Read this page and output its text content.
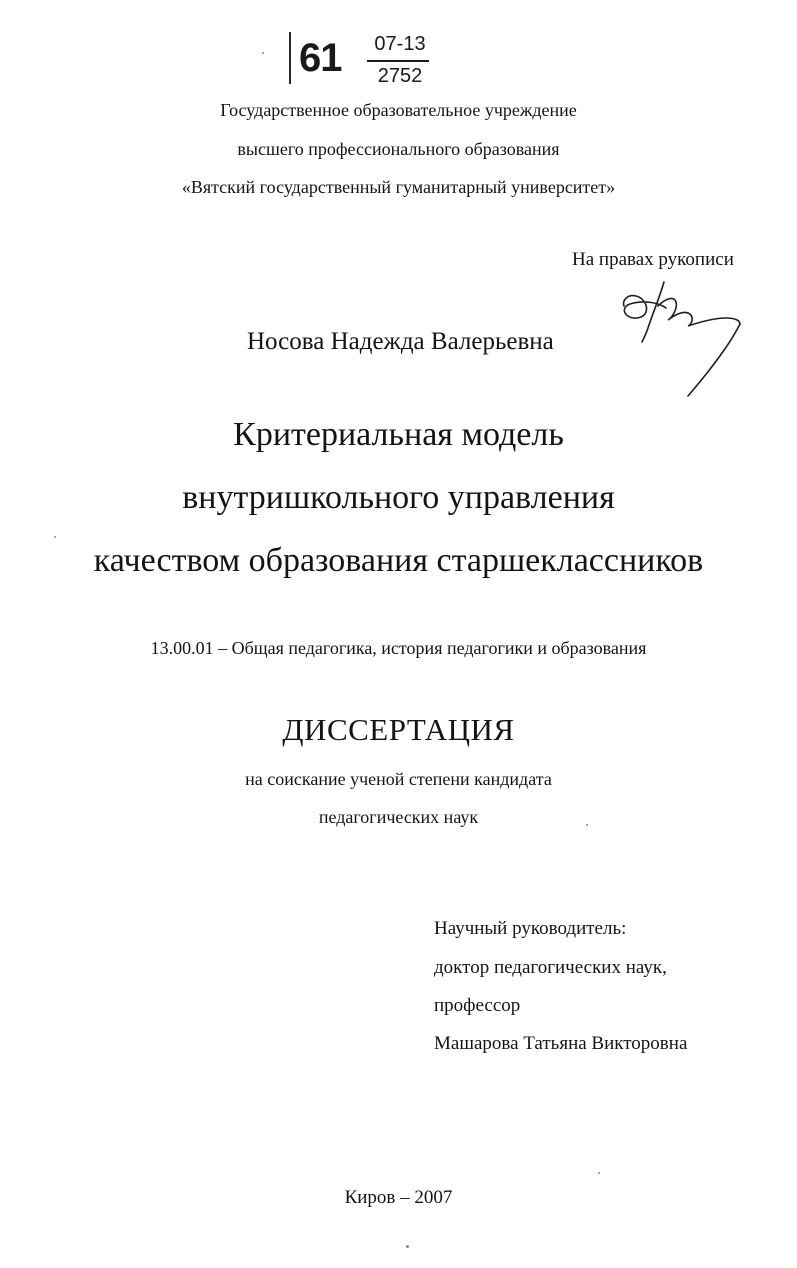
61 07-13
2752
Государственное образовательное учреждение
высшего профессионального образования
«Вятский государственный гуманитарный университет»
На правах рукописи
Носова Надежда Валерьевна
Критериальная модель
внутришкольного управления
качеством образования старшеклассников
13.00.01 – Общая педагогика, история педагогики и образования
ДИССЕРТАЦИЯ
на соискание ученой степени кандидата
педагогических наук
Научный руководитель:
доктор педагогических наук,
профессор
Машарова Татьяна Викторовна
Киров – 2007
